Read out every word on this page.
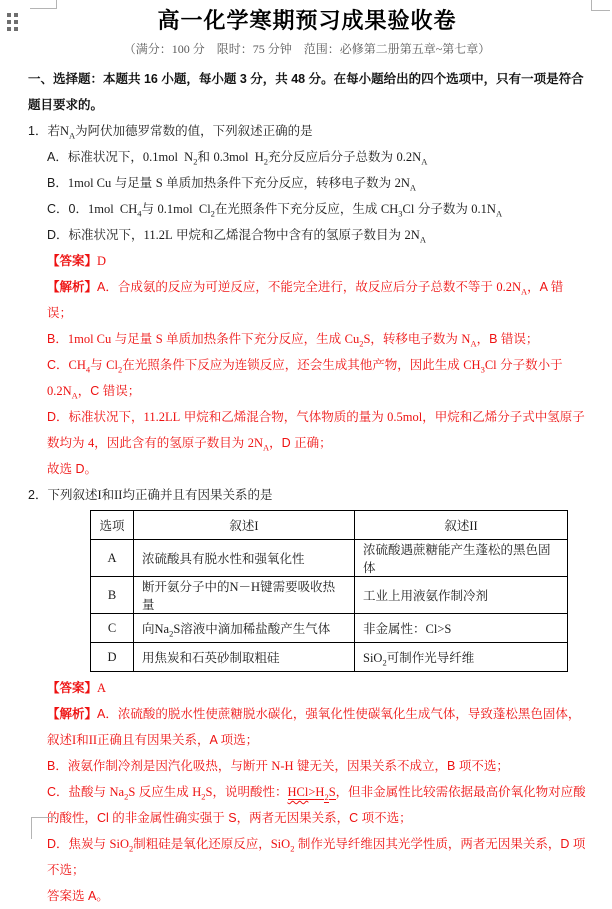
高一化学寒期预习成果验收卷

（满分：100 分　限时：75 分钟　范围：必修第二册第五章~第七章）

一、选择题：本题共 16 小题，每小题 3 分，共 48 分。在每小题给出的四个选项中，只有一项是符合题目要求的。

1．若$N_A$为阿伏加德罗常数的值，下列叙述正确的是

A．标准状况下，0.1mol  $N_2$和 0.3mol  $H_2$充分反应后分子总数为 $0.2N_A$

B．1mol Cu 与足量 S 单质加热条件下充分反应，转移电子数为 $2N_A$

C．0．1mol  $CH_4$与 0.1mol  $Cl_2$在光照条件下充分反应，生成 $CH_3Cl$ 分子数为 $0.1N_A$

D．标准状况下，11.2L 甲烷和乙烯混合物中含有的氢原子数目为 $2N_A$

【答案】D

【解析】A．合成氨的反应为可逆反应，不能完全进行，故反应后分子总数不等于 $0.2N_A$，A 错误；

B．1mol Cu 与足量 S 单质加热条件下充分反应，生成 $Cu_2S$，转移电子数为 $N_A$，B 错误；

C．$CH_4$与 $Cl_2$在光照条件下反应为连锁反应，还会生成其他产物，因此生成 $CH_3Cl$ 分子数小于 $0.2N_A$，C 错误；

D．标准状况下，11.2LL 甲烷和乙烯混合物，气体物质的量为 0.5mol，甲烷和乙烯分子式中氢原子数均为 4，因此含有的氢原子数目为 $2N_A$，D 正确；

故选 D。

2．下列叙述I和II均正确并且有因果关系的是

选项	叙述I	叙述II
A	浓硫酸具有脱水性和强氧化性	浓硫酸遇蔗糖能产生蓬松的黑色固体
B	断开氨分子中的N－H键需要吸收热量	工业上用液氨作制冷剂
C	向$Na_2S$溶液中滴加稀盐酸产生气体	非金属性：Cl>S
D	用焦炭和石英砂制取粗硅	SiO$_2$可制作光导纤维

【答案】A

【解析】A．浓硫酸的脱水性使蔗糖脱水碳化，强氧化性使碳氧化生成气体，导致蓬松黑色固体，叙述I和II正确且有因果关系，A 项选；

B．液氨作制冷剂是因汽化吸热，与断开 N-H 键无关，因果关系不成立，B 项不选；

C．盐酸与 $Na_2S$ 反应生成 $H_2S$，说明酸性：$HCl>H_2S$，但非金属性比较需依据最高价氧化物对应酸的酸性，Cl 的非金属性确实强于 S，两者无因果关系，C 项不选；

D．焦炭与 SiO$_2$制粗硅是氧化还原反应，SiO$_2$ 制作光导纤维因其光学性质，两者无因果关系，D 项不选；

答案选 A。
